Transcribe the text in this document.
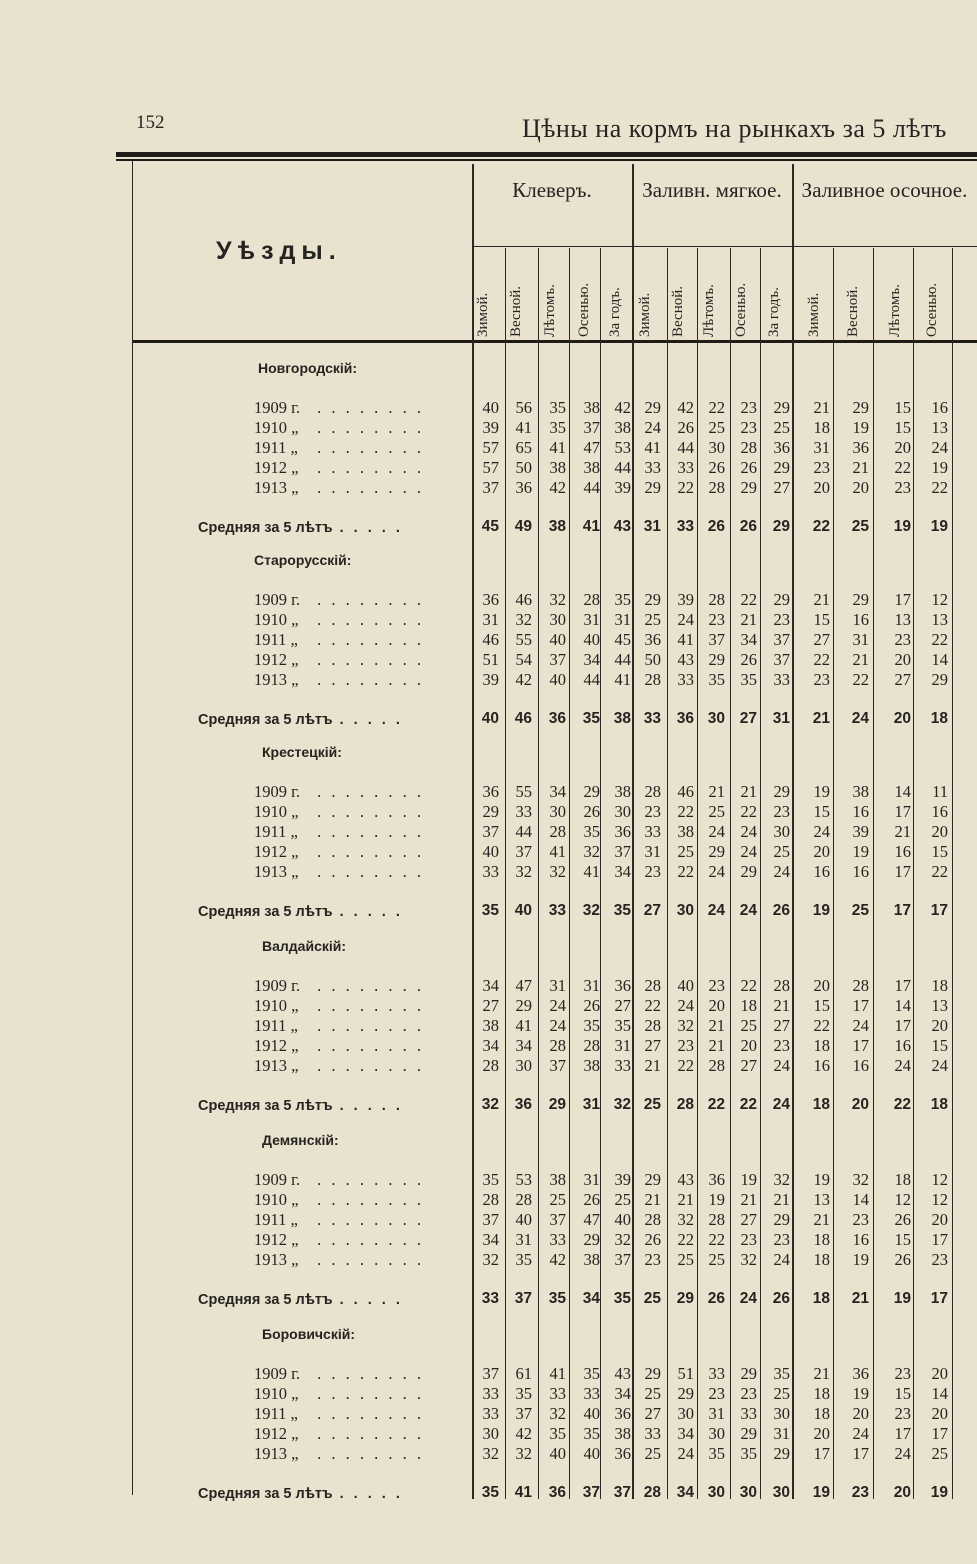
152	Цѣны на кормъ на рынкахъ за 5 лѣтъ
Уѣзды.
Клеверъ.
Зимой. Весной. Лѣтомъ. Осенью. За годъ.
Заливн. мягкое.
Зимой. Весной. Лѣтомъ. Осенью. За годъ.
Заливное осочное.
Зимой. Весной. Лѣтомъ. Осенью.
Новгородскій:
1909 г. . . . . . . . .	40	56	35	38 42 29	42 22 23	29	21	29	15	16
1910 „ . . . . . . . .	39	41	35	37 38 24	26 25 23	25	18	19	15	13
1911 „ . . . . . . . .	57	65	41	47 53 41	44 30 28	36	31	36	20	24
1912 „ . . . . . . . .	57	50	38	38 44 33	33 26 26	29	23	21	22	19
1913 „ . . . . . . . .	37	36	42	44 39 29	22 28 29	27	20	20	23	22
Средняя за 5 лѣтъ . . . . .	45	49	38	41 43 31	33 26 26	29	22	25	19	19
Старорусскій:
1909 г. . . . . . . . .	36	46	32	28 35 29	39 28 22	29	21	29	17	12
1910 „ . . . . . . . .	31	32	30	31 31 25	24 23 21	23	15	16	13	13
1911 „ . . . . . . . .	46	55	40	40 45 36	41 37 34	37	27	31	23	22
1912 „ . . . . . . . .	51	54	37	34 44 50	43 29 26	37	22	21	20	14
1913 „ . . . . . . . .	39	42	40	44 41 28	33 35 35	33	23	22	27	29
Средняя за 5 лѣтъ . . . . .	40	46	36	35 38 33	36 30 27	31	21	24	20	18
Крестецкій:
1909 г. . . . . . . . .	36	55	34	29 38 28	46 21 21	29	19	38	14	11
1910 „ . . . . . . . .	29	33	30	26 30 23	22 25 22	23	15	16	17	16
1911 „ . . . . . . . .	37	44	28	35 36 33	38 24 24	30	24	39	21	20
1912 „ . . . . . . . .	40	37	41	32 37 31	25 29 24	25	20	19	16	15
1913 „ . . . . . . . .	33	32	32	41 34 23	22 24 29	24	16	16	17	22
Средняя за 5 лѣтъ . . . . .	35	40	33	32 35 27	30 24 24	26	19	25	17	17
Валдайскій:
1909 г. . . . . . . . .	34	47	31	31 36 28	40 23 22	28	20	28	17	18
1910 „ . . . . . . . .	27	29	24	26 27 22	24 20 18	21	15	17	14	13
1911 „ . . . . . . . .	38	41	24	35 35 28	32 21 25	27	22	24	17	20
1912 „ . . . . . . . .	34	34	28	28 31 27	23 21 20	23	18	17	16	15
1913 „ . . . . . . . .	28	30	37	38 33 21	22 28 27	24	16	16	24	24
Средняя за 5 лѣтъ . . . . .	32	36	29	31 32 25	28 22 22	24	18	20	22	18
Демянскій:
1909 г. . . . . . . . .	35	53	38	31 39 29	43 36 19	32	19	32	18	12
1910 „ . . . . . . . .	28	28	25	26 25 21	21 19 21	21	13	14	12	12
1911 „ . . . . . . . .	37	40	37	47 40 28	32 28 27	29	21	23	26	20
1912 „ . . . . . . . .	34	31	33	29 32 26	22 22 23	23	18	16	15	17
1913 „ . . . . . . . .	32	35	42	38 37 23	25 25 32	24	18	19	26	23
Средняя за 5 лѣтъ . . . . .	33	37	35	34 35 25	29 26 24	26	18	21	19	17
Боровичскій:
1909 г. . . . . . . . .	37	61	41	35 43 29	51 33 29	35	21	36	23	20
1910 „ . . . . . . . .	33	35	33	33 34 25	29 23 23	25	18	19	15	14
1911 „ . . . . . . . .	33	37	32	40 36 27	30 31 33	30	18	20	23	20
1912 „ . . . . . . . .	30	42	35	35 38 33	34 30 29	31	20	24	17	17
1913 „ . . . . . . . .	32	32	40	40 36 25	24 35 35	29	17	17	24	25
Средняя за 5 лѣтъ . . . . .	35	41	36	37 37 28	34 30 30	30	19	23	20	19
